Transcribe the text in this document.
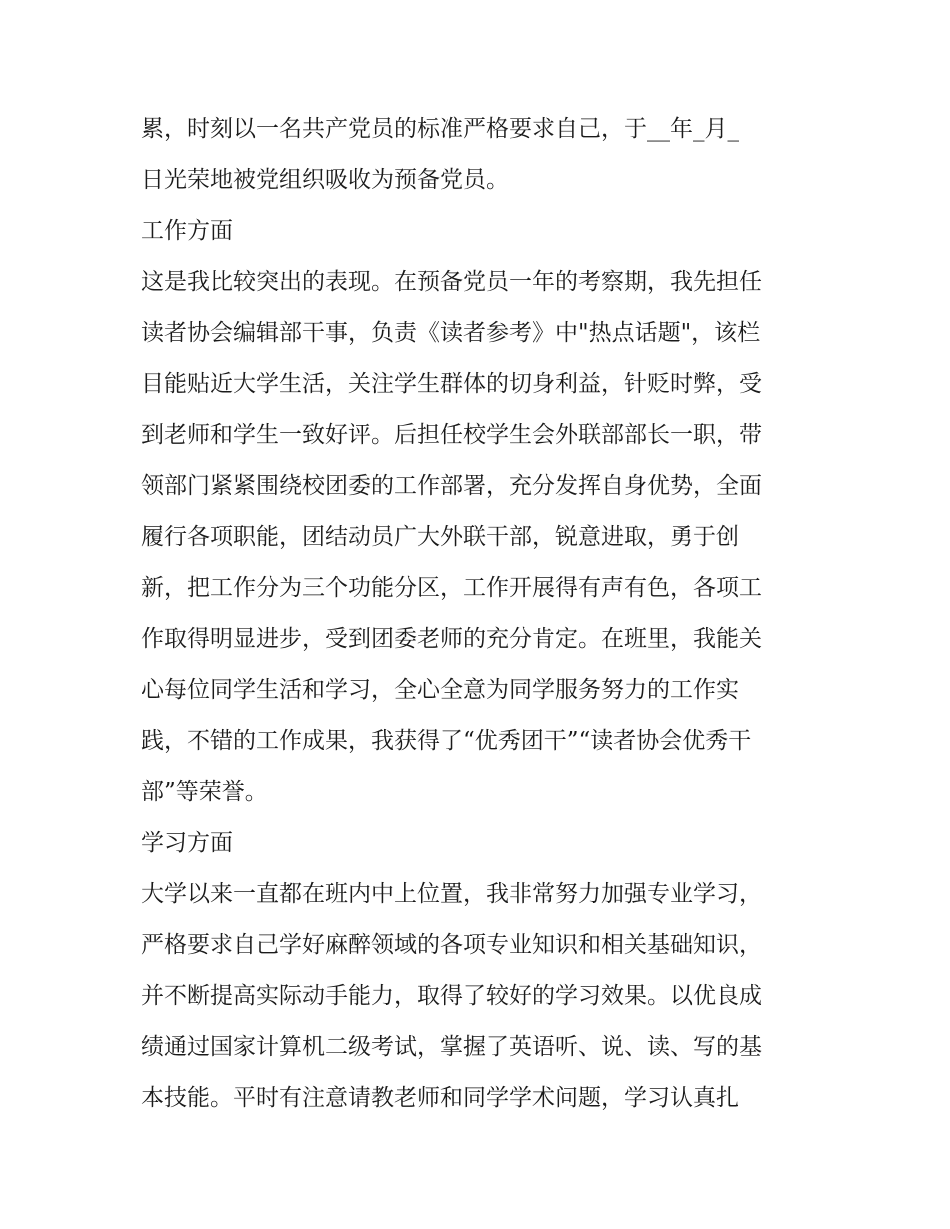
累，时刻以一名共产党员的标准严格要求自己，于__年_月_
日光荣地被党组织吸收为预备党员。
工作方面
这是我比较突出的表现。在预备党员一年的考察期，我先担任
读者协会编辑部干事，负责《读者参考》中"热点话题"，该栏
目能贴近大学生活，关注学生群体的切身利益，针贬时弊，受
到老师和学生一致好评。后担任校学生会外联部部长一职，带
领部门紧紧围绕校团委的工作部署，充分发挥自身优势，全面
履行各项职能，团结动员广大外联干部，锐意进取，勇于创
新，把工作分为三个功能分区，工作开展得有声有色，各项工
作取得明显进步，受到团委老师的充分肯定。在班里，我能关
心每位同学生活和学习，全心全意为同学服务努力的工作实
践，不错的工作成果，我获得了“优秀团干”“读者协会优秀干
部”等荣誉。
学习方面
大学以来一直都在班内中上位置，我非常努力加强专业学习，
严格要求自己学好麻醉领域的各项专业知识和相关基础知识，
并不断提高实际动手能力，取得了较好的学习效果。以优良成
绩通过国家计算机二级考试，掌握了英语听、说、读、写的基
本技能。平时有注意请教老师和同学学术问题，学习认真扎
